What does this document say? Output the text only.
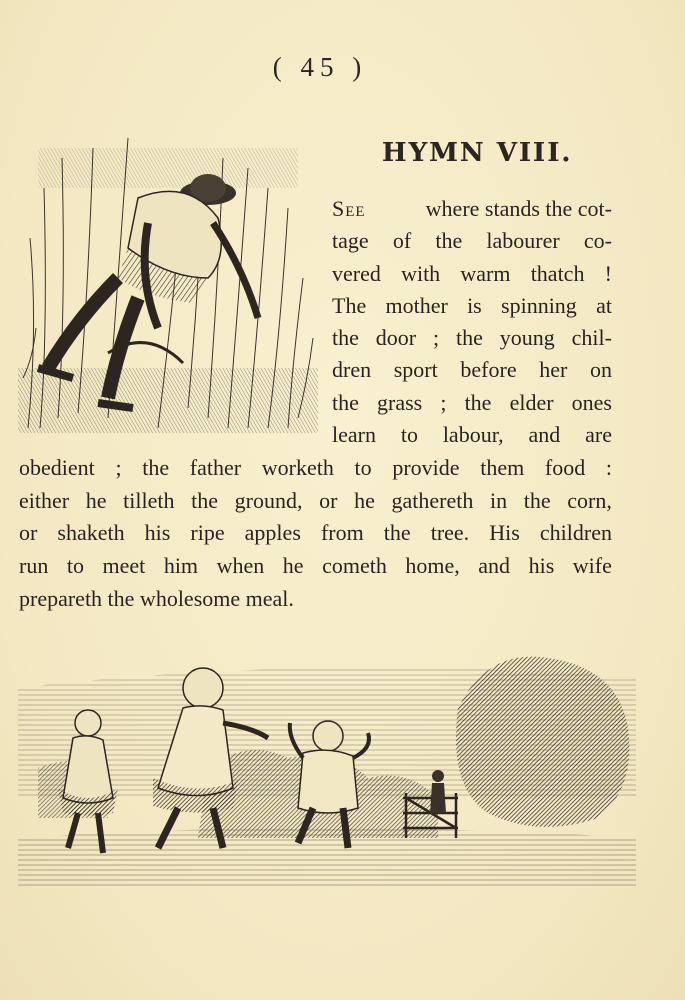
( 45 )
HYMN VIII.
See	where stands the cot-
tage of the labourer co-
vered with warm thatch !
The mother is spinning at
the door ; the young chil-
dren sport before her on
the grass ; the elder ones
learn to labour, and are
obedient ; the father worketh to provide them food :
either he tilleth the ground, or he gathereth in the corn,
or shaketh his ripe apples from the tree. His children
run to meet him when he cometh home, and his wife
prepareth the wholesome meal.
